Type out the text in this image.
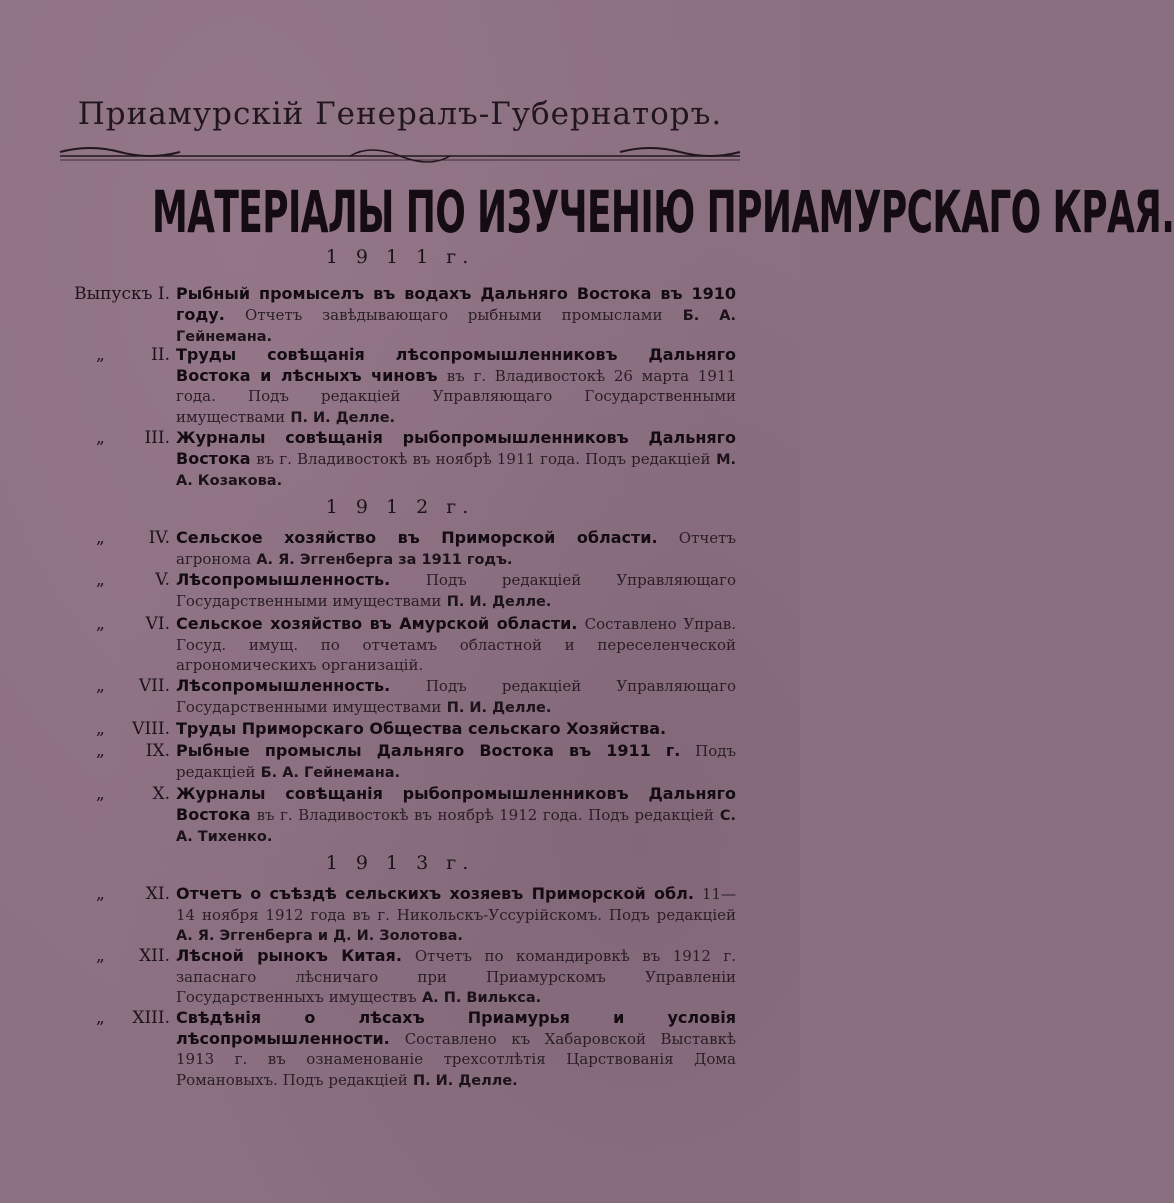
Приамурскій Генералъ-Губернаторъ.
МАТЕРІАЛЫ ПО ИЗУЧЕНІЮ ПРИАМУРСКАГО КРАЯ.
1 9 1 1 г.
Выпускъ I. Рыбный промыселъ въ водахъ Дальняго Востока въ 1910 году. Отчетъ завѣдывающаго рыбными промыслами Б. А. Гейнемана.
„	II. Труды совѣщанія лѣсопромышленниковъ Дальняго Востока и лѣсныхъ чиновъ въ г. Владивостокѣ 26 марта 1911 года. Подъ редакціей Управляющаго Государственными имуществами П. И. Делле.
„ III. Журналы совѣщанія рыбопромышленниковъ Дальняго Востока въ г. Владивостокѣ въ ноябрѣ 1911 года. Подъ редакціей М. А. Козакова.
1 9 1 2 г.
„	IV. Сельское хозяйство въ Приморской области. Отчетъ агронома А. Я. Эггенберга за 1911 годъ.
„	V. Лѣсопромышленность. Подъ редакціей Управляющаго Государственными имуществами П. И. Делле.
„ VI. Сельское хозяйство въ Амурской области. Составлено Управ. Госуд. имущ. по отчетамъ областной и переселенческой агрономическихъ организацій.
„ VII. Лѣсопромышленность. Подъ редакціей Управляющаго Государственными имуществами П. И. Делле.
„ VIII. Труды Приморскаго Общества сельскаго Хозяйства.
„ IX. Рыбные промыслы Дальняго Востока въ 1911 г. Подъ редакціей Б. А. Гейнемана.
„	X. Журналы совѣщанія рыбопромышленниковъ Дальняго Востока въ г. Владивостокѣ въ ноябрѣ 1912 года. Подъ редакціей С. А. Тихенко.
1 9 1 3 г.
„ XI. Отчетъ о съѣздѣ сельскихъ хозяевъ Приморской обл. 11—14 ноября 1912 года въ г. Никольскъ-Уссурійскомъ. Подъ редакціей А. Я. Эггенберга и Д. И. Золотова.
„ XII. Лѣсной рынокъ Китая. Отчетъ по командировкѣ въ 1912 г. запаснаго лѣсничаго при Приамурскомъ Управленіи Государственныхъ имуществъ А. П. Вилькса.
„ XIII. Свѣдѣнія о лѣсахъ Приамурья и условія лѣсопромышленности. Составлено къ Хабаровской Выставкѣ 1913 г. въ ознаменованіе трехсотлѣтія Царствованія Дома Романовыхъ. Подъ редакціей П. И. Делле.
